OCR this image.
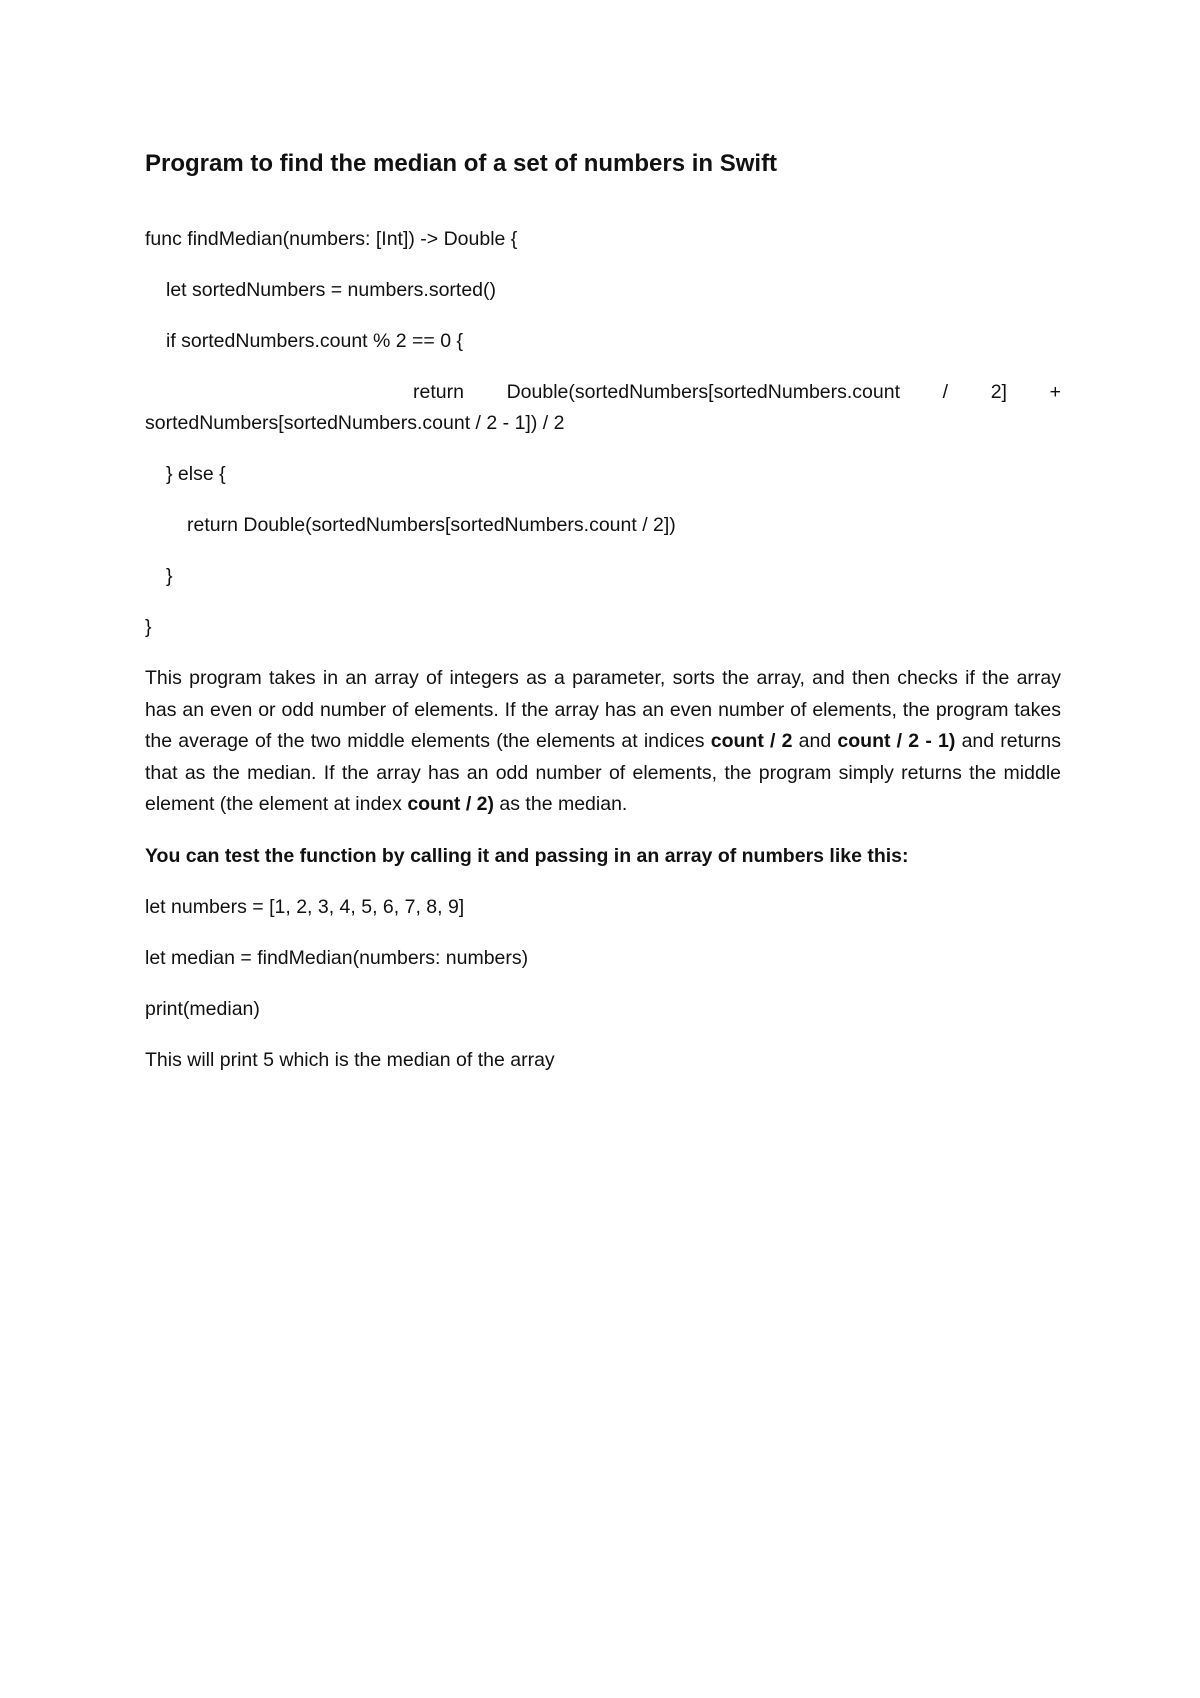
Program to find the median of a set of numbers in Swift
func findMedian(numbers: [Int]) -> Double {
let sortedNumbers = numbers.sorted()
if sortedNumbers.count % 2 == 0 {
return Double(sortedNumbers[sortedNumbers.count / 2] +
sortedNumbers[sortedNumbers.count / 2 - 1]) / 2
} else {
return Double(sortedNumbers[sortedNumbers.count / 2])
}
}
This program takes in an array of integers as a parameter, sorts the array, and then checks if the array has an even or odd number of elements. If the array has an even number of elements, the program takes the average of the two middle elements (the elements at indices count / 2 and count / 2 - 1) and returns that as the median. If the array has an odd number of elements, the program simply returns the middle element (the element at index count / 2) as the median.
You can test the function by calling it and passing in an array of numbers like this:
let numbers = [1, 2, 3, 4, 5, 6, 7, 8, 9]
let median = findMedian(numbers: numbers)
print(median)
This will print 5 which is the median of the array
